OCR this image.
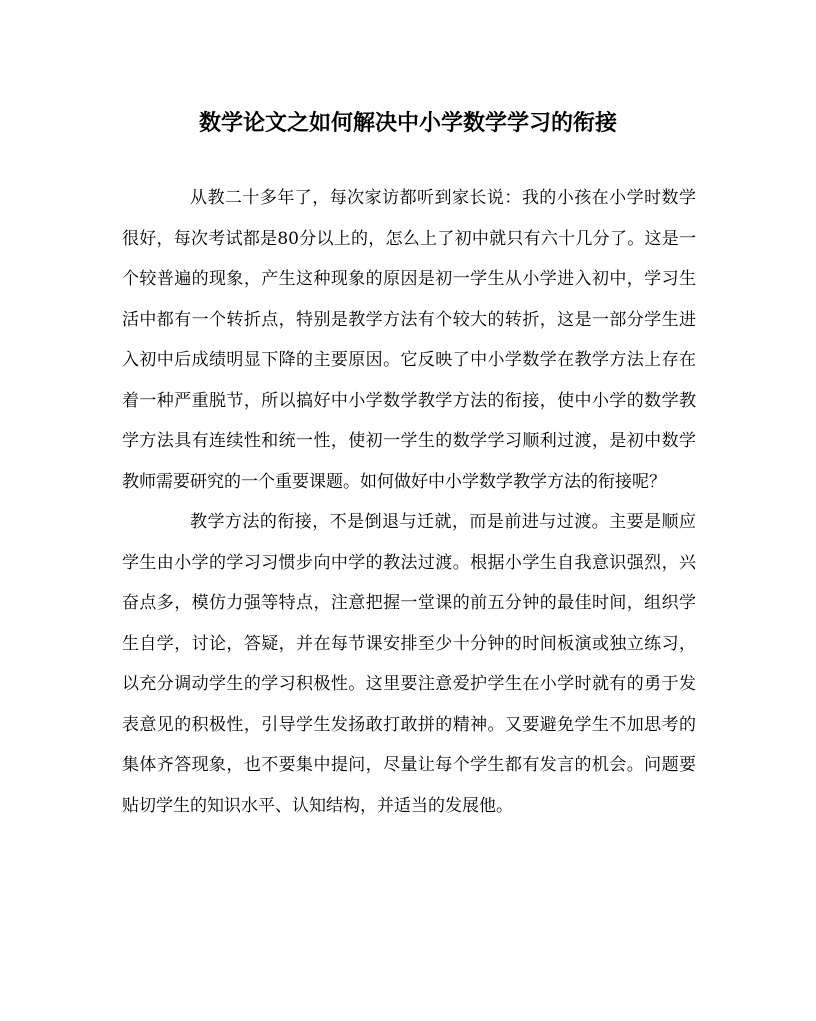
数学论文之如何解决中小学数学学习的衔接

从教二十多年了，每次家访都听到家长说：我的小孩在小学时数学很好，每次考试都是80分以上的，怎么上了初中就只有六十几分了。这是一个较普遍的现象，产生这种现象的原因是初一学生从小学进入初中，学习生活中都有一个转折点，特别是教学方法有个较大的转折，这是一部分学生进入初中后成绩明显下降的主要原因。它反映了中小学数学在教学方法上存在着一种严重脱节，所以搞好中小学数学教学方法的衔接，使中小学的数学教学方法具有连续性和统一性，使初一学生的数学学习顺利过渡，是初中数学教师需要研究的一个重要课题。如何做好中小学数学教学方法的衔接呢？

教学方法的衔接，不是倒退与迁就，而是前进与过渡。主要是顺应学生由小学的学习习惯步向中学的教法过渡。根据小学生自我意识强烈，兴奋点多，模仿力强等特点，注意把握一堂课的前五分钟的最佳时间，组织学生自学，讨论，答疑，并在每节课安排至少十分钟的时间板演或独立练习，以充分调动学生的学习积极性。这里要注意爱护学生在小学时就有的勇于发表意见的积极性，引导学生发扬敢打敢拼的精神。又要避免学生不加思考的集体齐答现象，也不要集中提问，尽量让每个学生都有发言的机会。问题要贴切学生的知识水平、认知结构，并适当的发展他。
